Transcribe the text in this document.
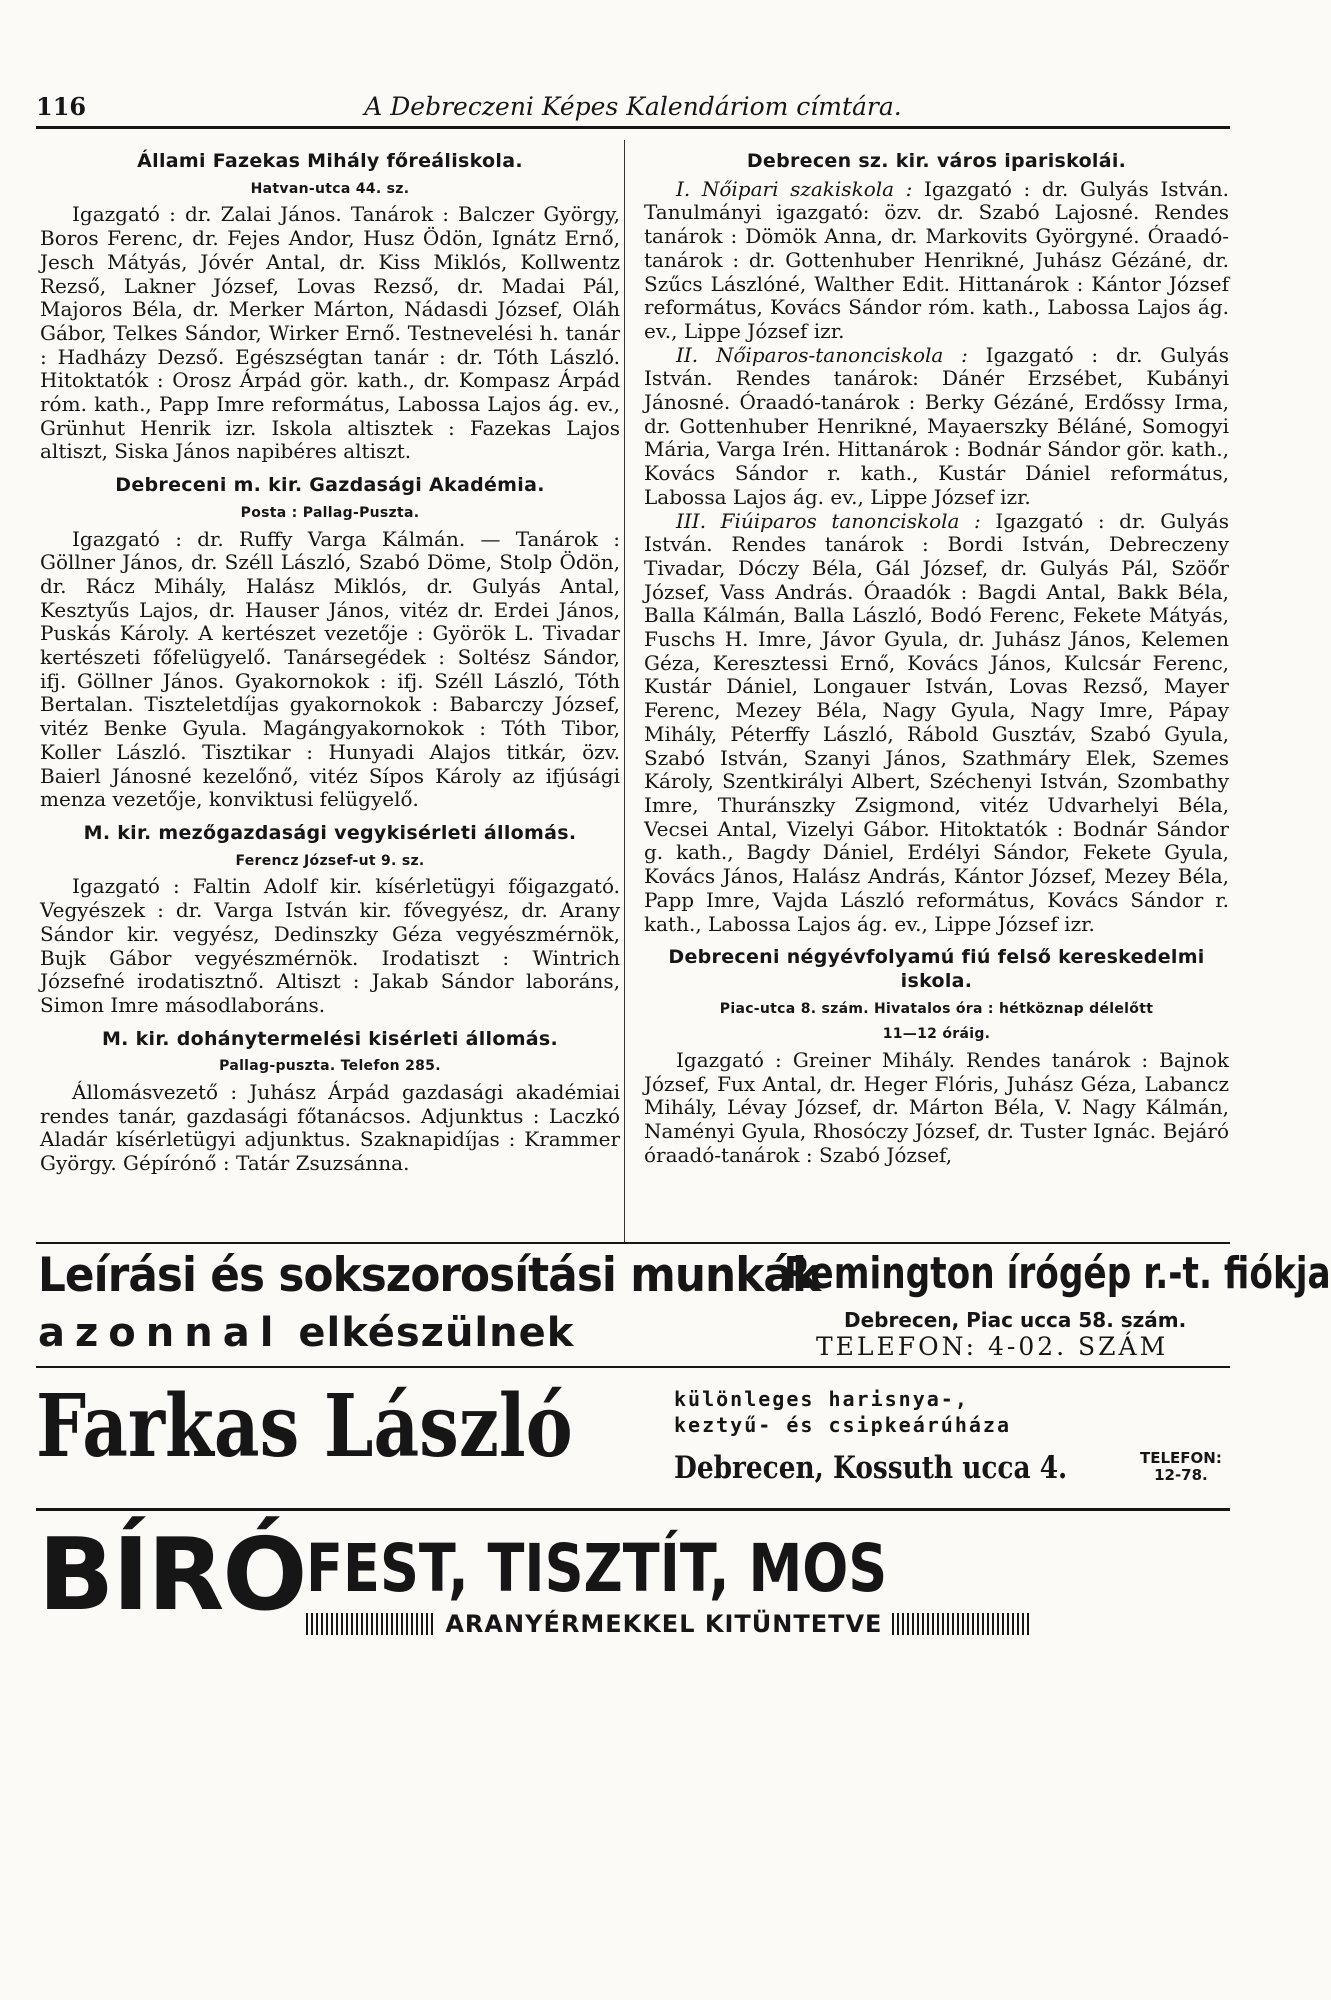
116	A Debreczeni Képes Kalendáriom címtára.
Állami Fazekas Mihály főreáliskola.
Hatvan-utca 44. sz.
Igazgató : dr. Zalai János. Tanárok : Balczer György, Boros Ferenc, dr. Fejes Andor, Husz Ödön, Ignátz Ernő, Jesch Mátyás, Jóvér Antal, dr. Kiss Miklós, Kollwentz Rezső, Lakner József, Lovas Rezső, dr. Madai Pál, Majoros Béla, dr. Merker Márton, Nádasdi József, Oláh Gábor, Telkes Sándor, Wirker Ernő. Testnevelési h. tanár : Hadházy Dezső. Egészségtan tanár : dr. Tóth László. Hitoktatók : Orosz Árpád gör. kath., dr. Kompasz Árpád róm. kath., Papp Imre református, Labossa Lajos ág. ev., Grünhut Henrik izr. Iskola altisztek : Fazekas Lajos altiszt, Siska János napibéres altiszt.
Debreceni m. kir. Gazdasági Akadémia.
Posta : Pallag-Puszta.
Igazgató : dr. Ruffy Varga Kálmán. — Tanárok : Göllner János, dr. Széll László, Szabó Döme, Stolp Ödön, dr. Rácz Mihály, Halász Miklós, dr. Gulyás Antal, Kesztyűs Lajos, dr. Hauser János, vitéz dr. Erdei János, Puskás Károly. A kertészet vezetője : Györök L. Tivadar kertészeti főfelügyelő. Tanársegédek : Soltész Sándor, ifj. Göllner János. Gyakornokok : ifj. Széll László, Tóth Bertalan. Tiszteletdíjas gyakornokok : Babarczy József, vitéz Benke Gyula. Magángyakornokok : Tóth Tibor, Koller László. Tisztikar : Hunyadi Alajos titkár, özv. Baierl Jánosné kezelőnő, vitéz Sípos Károly az ifjúsági menza vezetője, konviktusi felügyelő.
M. kir. mezőgazdasági vegykisérleti állomás.
Ferencz József-ut 9. sz.
Igazgató : Faltin Adolf kir. kísérletügyi főigazgató. Vegyészek : dr. Varga István kir. fővegyész, dr. Arany Sándor kir. vegyész, Dedinszky Géza vegyészmérnök, Bujk Gábor vegyészmérnök. Irodatiszt : Wintrich Józsefné irodatisztnő. Altiszt : Jakab Sándor laboráns, Simon Imre másodlaboráns.
M. kir. dohánytermelési kisérleti állomás.
Pallag-puszta. Telefon 285.
Állomásvezető : Juhász Árpád gazdasági akadémiai rendes tanár, gazdasági főtanácsos. Adjunktus : Laczkó Aladár kísérletügyi adjunktus. Szaknapidíjas : Krammer György. Gépírónő : Tatár Zsuzsánna.
Debrecen sz. kir. város ipariskolái.
I. Nőipari szakiskola : Igazgató : dr. Gulyás István. Tanulmányi igazgató: özv. dr. Szabó Lajosné. Rendes tanárok : Dömök Anna, dr. Markovits Györgyné. Óraadó-tanárok : dr. Gottenhuber Henrikné, Juhász Gézáné, dr. Szűcs Lászlóné, Walther Edit. Hittanárok : Kántor József református, Kovács Sándor róm. kath., Labossa Lajos ág. ev., Lippe József izr.
II. Nőiparos-tanonciskola : Igazgató : dr. Gulyás István. Rendes tanárok: Dánér Erzsébet, Kubányi Jánosné. Óraadó-tanárok : Berky Gézáné, Erdőssy Irma, dr. Gottenhuber Henrikné, Mayaerszky Béláné, Somogyi Mária, Varga Irén. Hittanárok : Bodnár Sándor gör. kath., Kovács Sándor r. kath., Kustár Dániel református, Labossa Lajos ág. ev., Lippe József izr.
III. Fiúiparos tanonciskola : Igazgató : dr. Gulyás István. Rendes tanárok : Bordi István, Debreczeny Tivadar, Dóczy Béla, Gál József, dr. Gulyás Pál, Szöőr József, Vass András. Óraadók : Bagdi Antal, Bakk Béla, Balla Kálmán, Balla László, Bodó Ferenc, Fekete Mátyás, Fuschs H. Imre, Jávor Gyula, dr. Juhász János, Kelemen Géza, Keresztessi Ernő, Kovács János, Kulcsár Ferenc, Kustár Dániel, Longauer István, Lovas Rezső, Mayer Ferenc, Mezey Béla, Nagy Gyula, Nagy Imre, Pápay Mihály, Péterffy László, Rábold Gusztáv, Szabó Gyula, Szabó István, Szanyi János, Szathmáry Elek, Szemes Károly, Szentkirályi Albert, Széchenyi István, Szombathy Imre, Thuránszky Zsigmond, vitéz Udvarhelyi Béla, Vecsei Antal, Vizelyi Gábor. Hitoktatók : Bodnár Sándor g. kath., Bagdy Dániel, Erdélyi Sándor, Fekete Gyula, Kovács János, Halász András, Kántor József, Mezey Béla, Papp Imre, Vajda László református, Kovács Sándor r. kath., Labossa Lajos ág. ev., Lippe József izr.
Debreceni négyévfolyamú fiú felső kereskedelmi iskola.
Piac-utca 8. szám. Hivatalos óra : hétköznap délelőtt
11—12 óráig.
Igazgató : Greiner Mihály. Rendes tanárok : Bajnok József, Fux Antal, dr. Heger Flóris, Juhász Géza, Labancz Mihály, Lévay József, dr. Márton Béla, V. Nagy Kálmán, Naményi Gyula, Rhosóczy József, dr. Tuster Ignác. Bejáró óraadó-tanárok : Szabó József,
Leírási és sokszorosítási munkák
azonnal elkészülnek
Remington írógép r.-t. fiókja
Debrecen, Piac ucca 58. szám.
TELEFON: 4-02. SZÁM
Farkas László	különleges harisnya-,
keztyű- és csipkeárúháza
Debrecen, Kossuth ucca 4.	TELEFON:
12-78.
BÍRÓ FEST, TISZTÍT, MOS
ARANYÉRMEKKEL KITÜNTETVE
